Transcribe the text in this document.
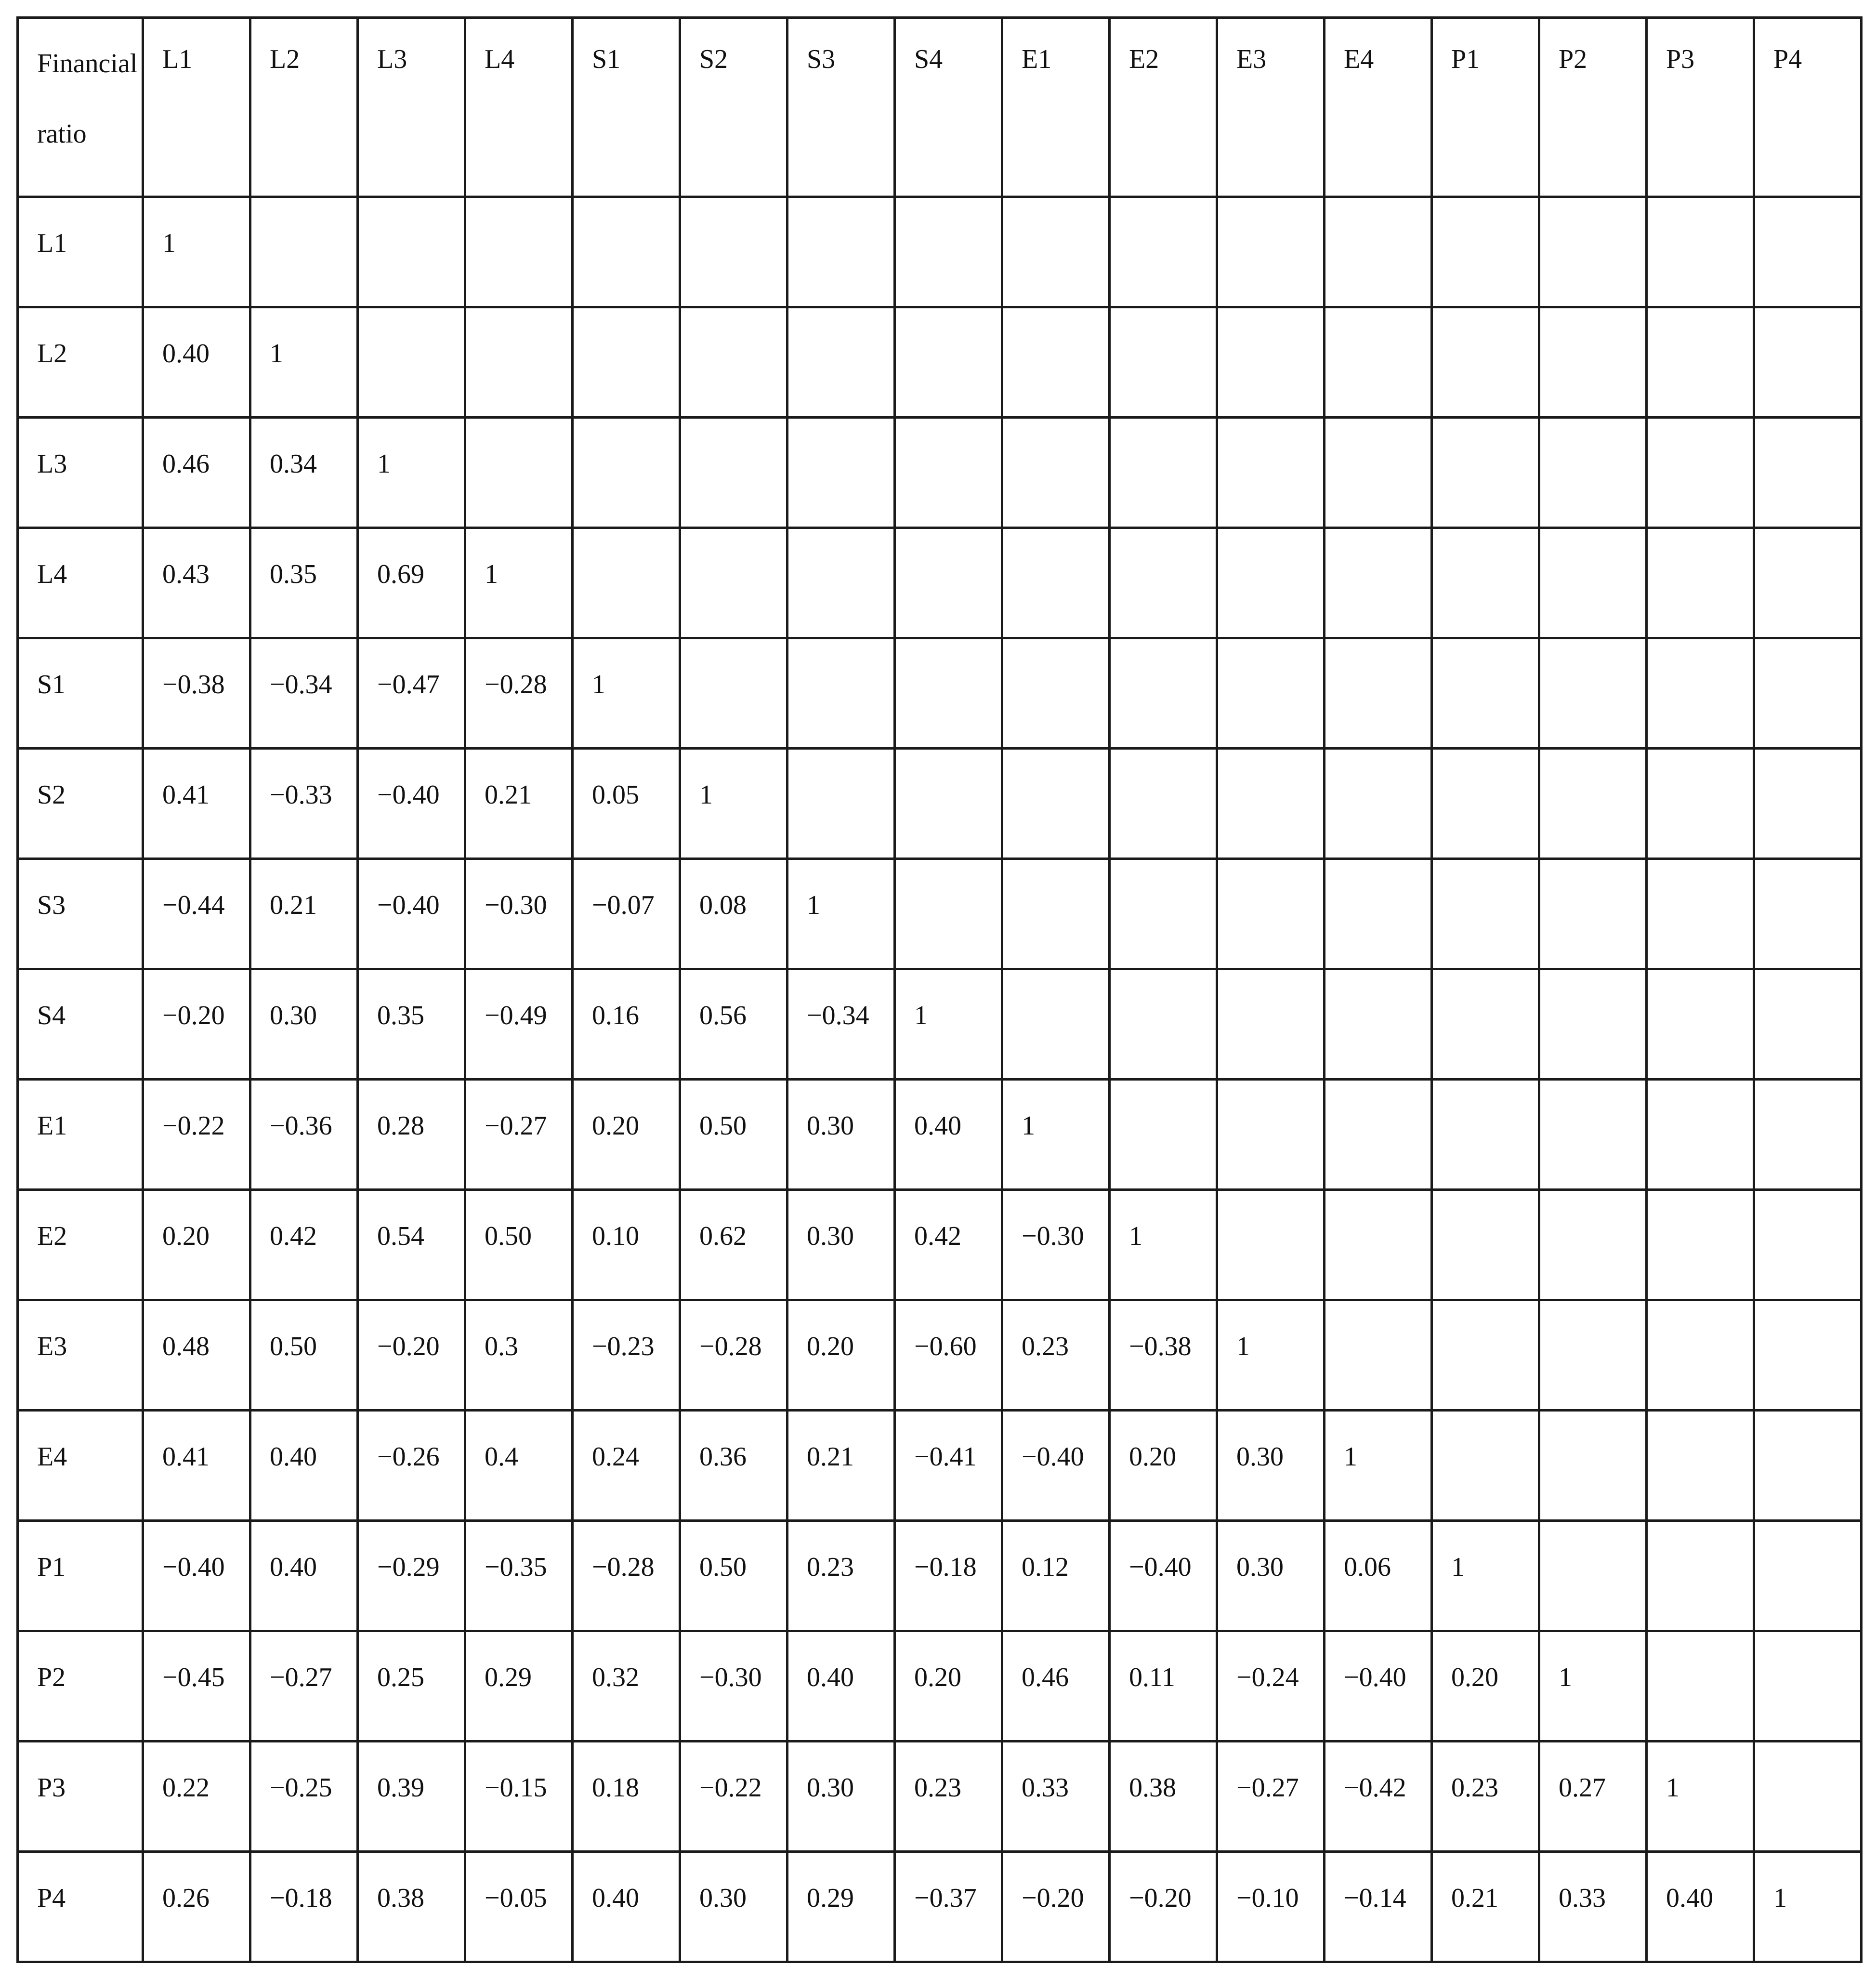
Financial ratio	L1	L2	L3	L4	S1	S2	S3	S4	E1	E2	E3	E4	P1	P2	P3	P4
L1	1															
L2	0.40	1														
L3	0.46	0.34	1													
L4	0.43	0.35	0.69	1												
S1	−0.38	−0.34	−0.47	−0.28	1											
S2	0.41	−0.33	−0.40	0.21	0.05	1										
S3	−0.44	0.21	−0.40	−0.30	−0.07	0.08	1									
S4	−0.20	0.30	0.35	−0.49	0.16	0.56	−0.34	1								
E1	−0.22	−0.36	0.28	−0.27	0.20	0.50	0.30	0.40	1							
E2	0.20	0.42	0.54	0.50	0.10	0.62	0.30	0.42	−0.30	1						
E3	0.48	0.50	−0.20	0.3	−0.23	−0.28	0.20	−0.60	0.23	−0.38	1					
E4	0.41	0.40	−0.26	0.4	0.24	0.36	0.21	−0.41	−0.40	0.20	0.30	1				
P1	−0.40	0.40	−0.29	−0.35	−0.28	0.50	0.23	−0.18	0.12	−0.40	0.30	0.06	1			
P2	−0.45	−0.27	0.25	0.29	0.32	−0.30	0.40	0.20	0.46	0.11	−0.24	−0.40	0.20	1		
P3	0.22	−0.25	0.39	−0.15	0.18	−0.22	0.30	0.23	0.33	0.38	−0.27	−0.42	0.23	0.27	1	
P4	0.26	−0.18	0.38	−0.05	0.40	0.30	0.29	−0.37	−0.20	−0.20	−0.10	−0.14	0.21	0.33	0.40	1
